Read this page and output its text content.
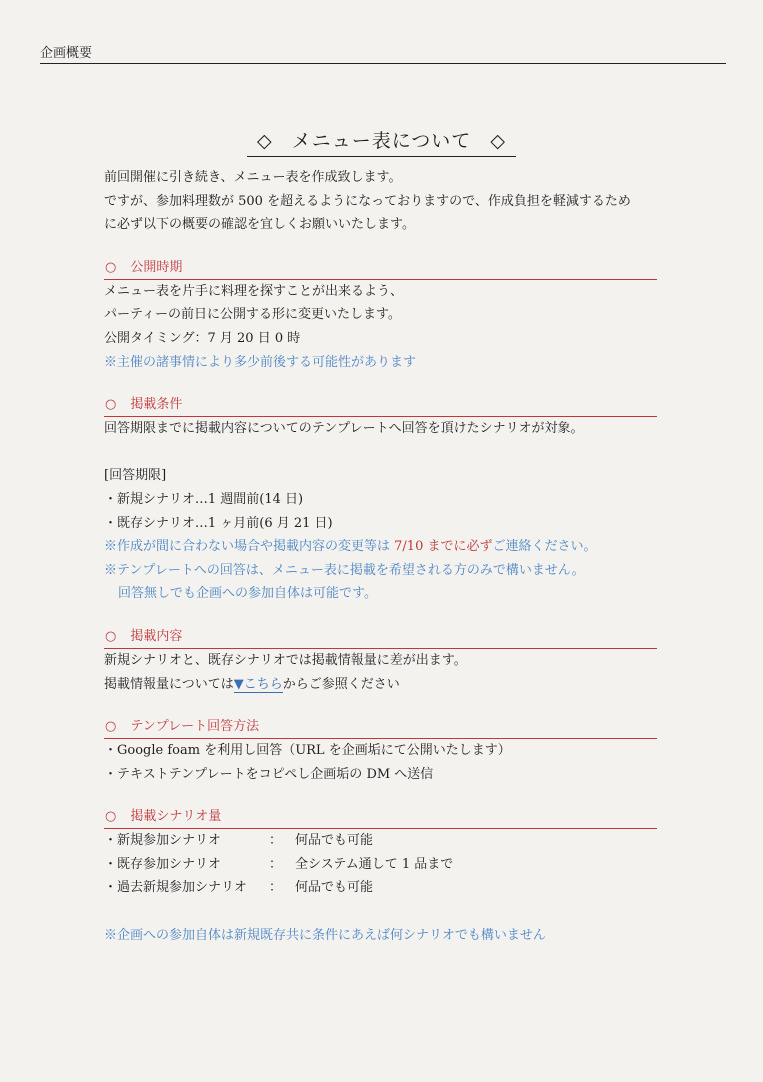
企画概要
◇ メニュー表について ◇
前回開催に引き続き、メニュー表を作成致します。
ですが、参加料理数が 500 を超えるようになっておりますので、作成負担を軽減するため
に必ず以下の概要の確認を宜しくお願いいたします。
○ 公開時期
メニュー表を片手に料理を探すことが出来るよう、
パーティーの前日に公開する形に変更いたします。
公開タイミング：7 月 20 日 0 時
※主催の諸事情により多少前後する可能性があります
○ 掲載条件
回答期限までに掲載内容についてのテンプレートへ回答を頂けたシナリオが対象。
[回答期限]
・新規シナリオ…1 週間前(14 日)
・既存シナリオ…1 ヶ月前(6 月 21 日)
※作成が間に合わない場合や掲載内容の変更等は 7/10 までに必ずご連絡ください。
※テンプレートへの回答は、メニュー表に掲載を希望される方のみで構いません。
回答無しでも企画への参加自体は可能です。
○ 掲載内容
新規シナリオと、既存シナリオでは掲載情報量に差が出ます。
掲載情報量については▼こちらからご参照ください
○ テンプレート回答方法
・Google foam を利用し回答（URL を企画垢にて公開いたします）
・テキストテンプレートをコピペし企画垢の DM へ送信
○ 掲載シナリオ量
・新規参加シナリオ	： 何品でも可能
・既存参加シナリオ	： 全システム通して 1 品まで
・過去新規参加シナリオ ： 何品でも可能
※企画への参加自体は新規既存共に条件にあえば何シナリオでも構いません
